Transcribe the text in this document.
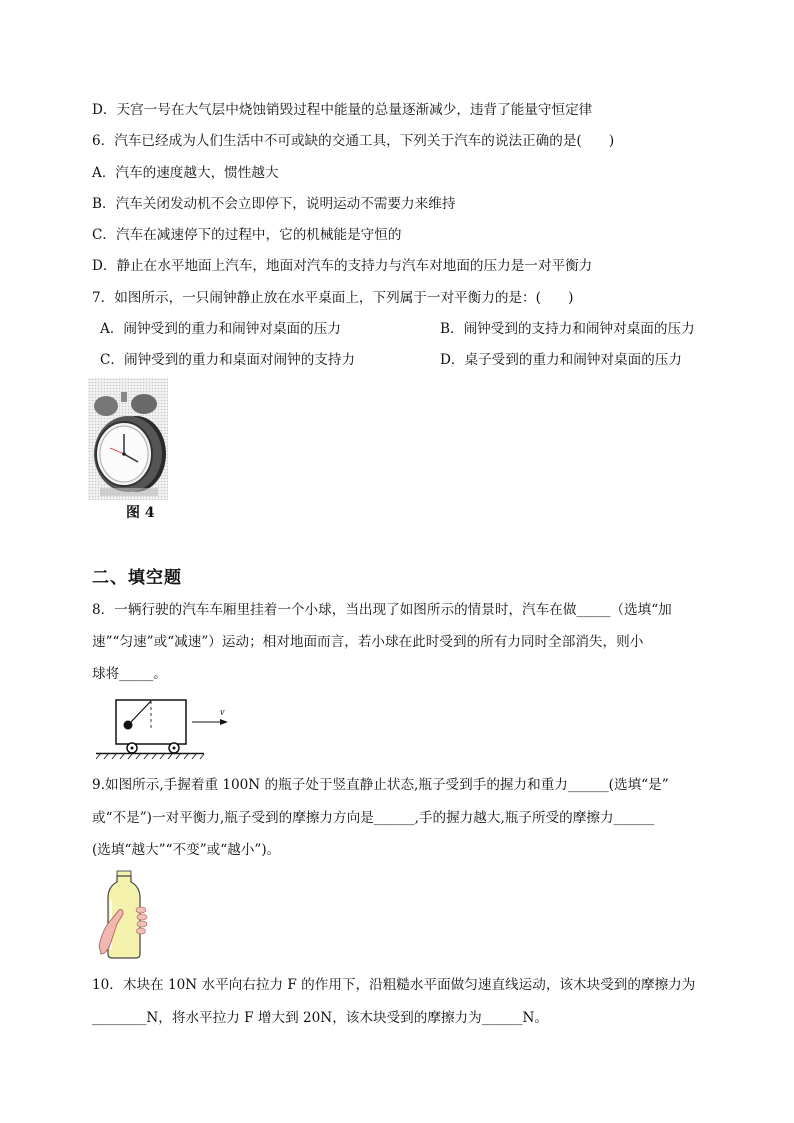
D．天宫一号在大气层中烧蚀销毁过程中能量的总量逐渐减少，违背了能量守恒定律
6．汽车已经成为人们生活中不可或缺的交通工具，下列关于汽车的说法正确的是(　　)
A．汽车的速度越大，惯性越大
B．汽车关闭发动机不会立即停下，说明运动不需要力来维持
C．汽车在减速停下的过程中，它的机械能是守恒的
D．静止在水平地面上汽车，地面对汽车的支持力与汽车对地面的压力是一对平衡力
7．如图所示，一只闹钟静止放在水平桌面上，下列属于一对平衡力的是：(　　)
A．闹钟受到的重力和闹钟对桌面的压力	B．闹钟受到的支持力和闹钟对桌面的压力
C．闹钟受到的重力和桌面对闹钟的支持力	D．桌子受到的重力和闹钟对桌面的压力
图 4
二、填空题
8．一辆行驶的汽车车厢里挂着一个小球，当出现了如图所示的情景时，汽车在做_____（选填“加
速”“匀速”或“减速”）运动；相对地面而言，若小球在此时受到的所有力同时全部消失，则小
球将_____。
v
9.如图所示,手握着重 100N 的瓶子处于竖直静止状态,瓶子受到手的握力和重力______(选填“是”
或“不是”)一对平衡力,瓶子受到的摩擦力方向是______,手的握力越大,瓶子所受的摩擦力______
(选填“越大”“不变”或“越小”)。
10．木块在 10N 水平向右拉力 F 的作用下，沿粗糙水平面做匀速直线运动，该木块受到的摩擦力为
________N，将水平拉力 F 增大到 20N，该木块受到的摩擦力为______N。
